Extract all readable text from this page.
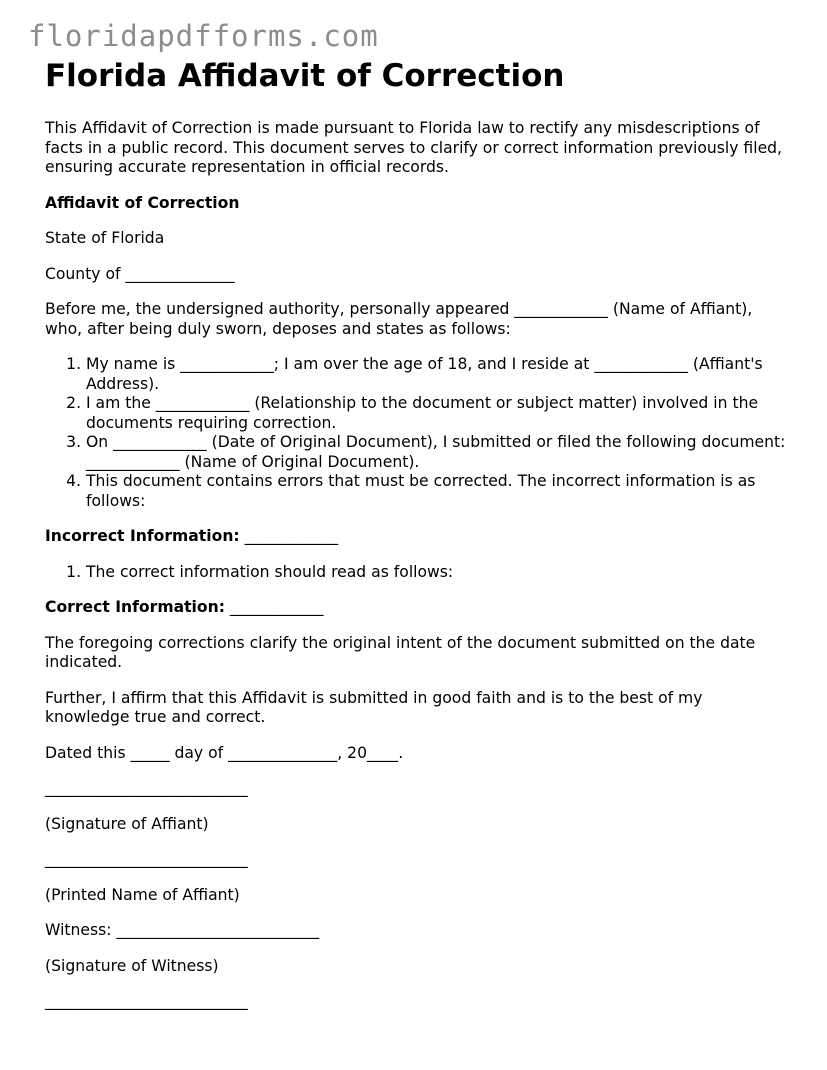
floridapdfforms.com
Florida Affidavit of Correction

This Affidavit of Correction is made pursuant to Florida law to rectify any misdescriptions of facts in a public record. This document serves to clarify or correct information previously filed, ensuring accurate representation in official records.

Affidavit of Correction

State of Florida

County of ______________

Before me, the undersigned authority, personally appeared ____________ (Name of Affiant), who, after being duly sworn, deposes and states as follows:

1. My name is ____________; I am over the age of 18, and I reside at ____________ (Affiant's Address).
2. I am the ____________ (Relationship to the document or subject matter) involved in the documents requiring correction.
3. On ____________ (Date of Original Document), I submitted or filed the following document: ____________ (Name of Original Document).
4. This document contains errors that must be corrected. The incorrect information is as follows:

Incorrect Information: ____________

1. The correct information should read as follows:

Correct Information: ____________

The foregoing corrections clarify the original intent of the document submitted on the date indicated.

Further, I affirm that this Affidavit is submitted in good faith and is to the best of my knowledge true and correct.

Dated this _____ day of ______________, 20____.

__________________________

(Signature of Affiant)

__________________________

(Printed Name of Affiant)

Witness: __________________________

(Signature of Witness)

__________________________
